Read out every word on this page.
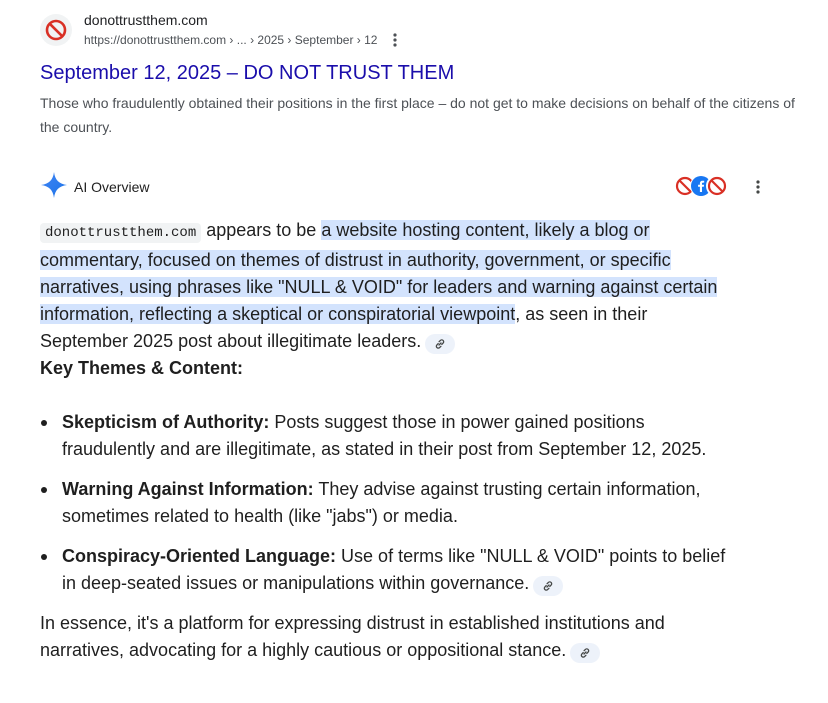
donottrustthem.com
https://donottrustthem.com › ... › 2025 › September › 12
September 12, 2025 – DO NOT TRUST THEM
Those who fraudulently obtained their positions in the first place – do not get to make decisions on behalf of the citizens of the country.
AI Overview

donottrustthem.com appears to be a website hosting content, likely a blog or commentary, focused on themes of distrust in authority, government, or specific narratives, using phrases like "NULL & VOID" for leaders and warning against certain information, reflecting a skeptical or conspiratorial viewpoint, as seen in their September 2025 post about illegitimate leaders.

Key Themes & Content:

Skepticism of Authority: Posts suggest those in power gained positions fraudulently and are illegitimate, as stated in their post from September 12, 2025.
Warning Against Information: They advise against trusting certain information, sometimes related to health (like "jabs") or media.
Conspiracy-Oriented Language: Use of terms like "NULL & VOID" points to belief in deep-seated issues or manipulations within governance.

In essence, it's a platform for expressing distrust in established institutions and narratives, advocating for a highly cautious or oppositional stance.
